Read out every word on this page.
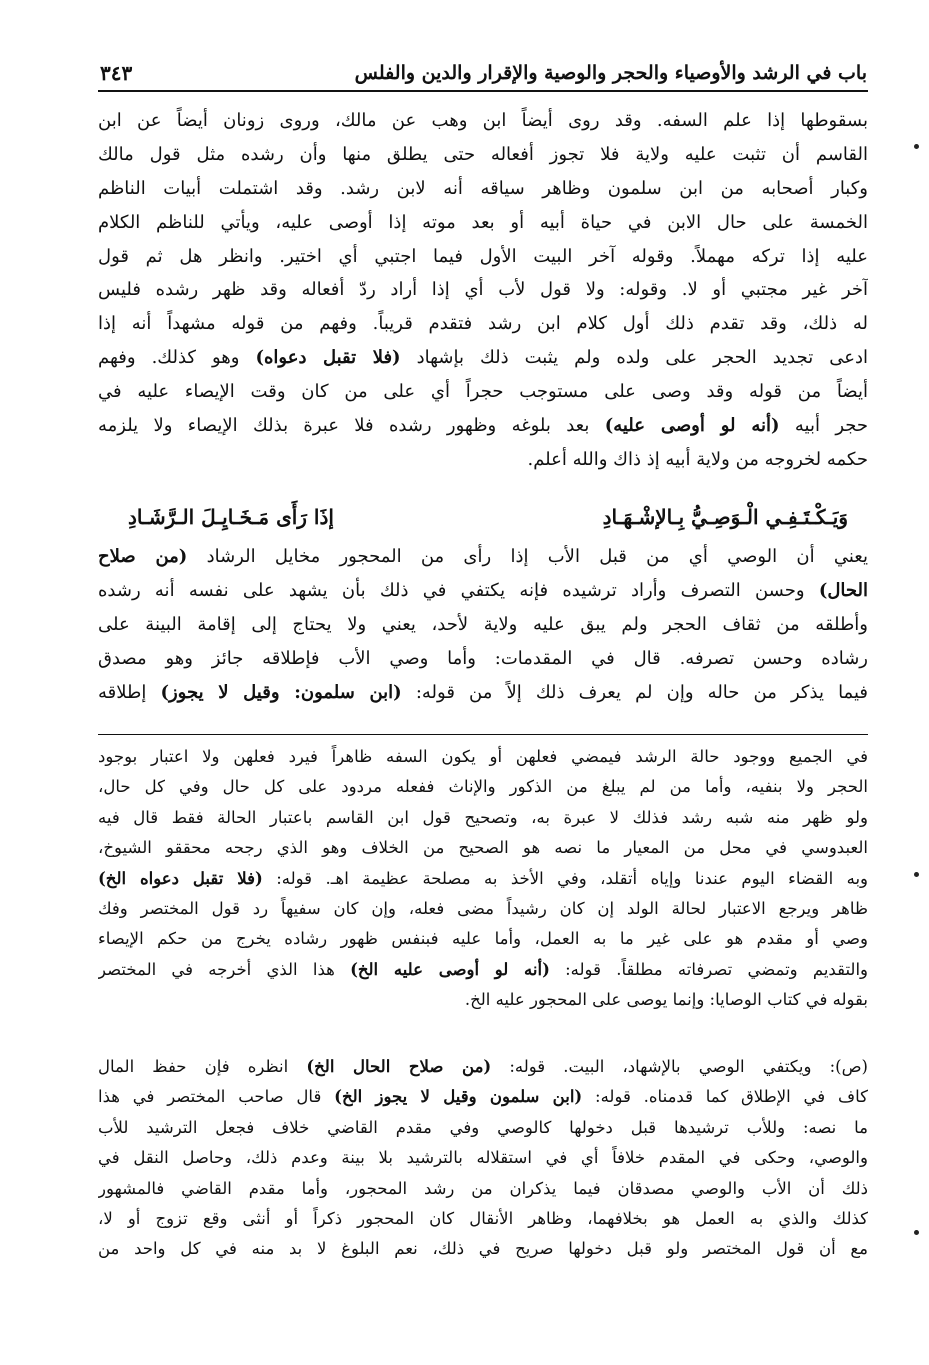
باب في الرشد والأوصياء والحجر والوصية والإقرار والدين والفلس
٣٤٣
بسقوطها إذا علم السفه. وقد روى أيضاً ابن وهب عن مالك، وروى زونان أيضاً عن ابن
القاسم أن تثبت عليه ولاية فلا تجوز أفعاله حتى يطلق منها وأن رشده مثل قول مالك
وكبار أصحابه من ابن سلمون وظاهر سياقه أنه لابن رشد. وقد اشتملت أبيات الناظم
الخمسة على حال الابن في حياة أبيه أو بعد موته إذا أوصى عليه، ويأتي للناظم الكلام
عليه إذا تركه مهملاً. وقوله آخر البيت الأول فيما اجتبي أي اختير. وانظر هل ثم قول
آخر غير مجتبي أو لا. وقوله: ولا قول لأب أي إذا أراد ردّ أفعاله وقد ظهر رشده فليس
له ذلك، وقد تقدم ذلك أول كلام ابن رشد فتقدم قريباً. وفهم من قوله مشهداً أنه إذا
ادعى تجديد الحجر على ولده ولم يثبت ذلك بإشهاد (فلا تقبل دعواه) وهو كذلك. وفهم
أيضاً من قوله وقد وصى على مستوجب حجراً أي على من كان وقت الإيصاء عليه في
حجر أبيه (أنه لو أوصى عليه) بعد بلوغه وظهور رشده فلا عبرة بذلك الإيصاء ولا يلزمه
حكمه لخروجه من ولاية أبيه إذ ذاك والله أعلم.
وَيَـكْـتَـفِـي الْـوَصِـيُّ بِـالإشْـهَـادِ
إذَا رَأَى مَـخَـايِـلَ الـرَّشَـادِ
يعني أن الوصي أي من قبل الأب إذا رأى من المحجور مخايل الرشاد (من صلاح
الحال) وحسن التصرف وأراد ترشيده فإنه يكتفي في ذلك بأن يشهد على نفسه أنه رشده
وأطلقه من ثقاف الحجر ولم يبق عليه ولاية لأحد، يعني ولا يحتاج إلى إقامة البينة على
رشاده وحسن تصرفه. قال في المقدمات: وأما وصي الأب فإطلاقه جائز وهو مصدق
فيما يذكر من حاله وإن لم يعرف ذلك إلاً من قوله: (ابن سلمون: وقيل لا يجوز) إطلاقه
في الجميع ووجود حالة الرشد فيمضي فعلهن أو يكون السفه ظاهراً فيرد فعلهن ولا اعتبار بوجود
الحجر ولا بنفيه، وأما من لم يبلغ من الذكور والإناث ففعله مردود على كل حال وفي كل حال،
ولو ظهر منه شبه رشد فذلك لا عبرة به، وتصحيح قول ابن القاسم باعتبار الحالة فقط قال فيه
العبدوسي في محل من المعيار ما نصه هو الصحيح من الخلاف وهو الذي رجحه محققو الشيوخ،
وبه القضاء اليوم عندنا وإياه أتقلد، وفي الأخذ به مصلحة عظيمة اهـ. قوله: (فلا تقبل دعواه الخ)
ظاهر ويرجع الاعتبار لحالة الولد إن كان رشيداً مضى فعله، وإن كان سفيهاً رد قول المختصر وفك
وصي أو مقدم هو على غير ما به العمل، وأما عليه فبنفس ظهور رشاده يخرج من حكم الإيصاء
والتقديم وتمضي تصرفاته مطلقاً. قوله: (أنه لو أوصى عليه الخ) هذا الذي أخرجه في المختصر
بقوله في كتاب الوصايا: وإنما يوصى على المحجور عليه الخ.
(ص): ويكتفي الوصي بالإشهاد، البيت. قوله: (من صلاح الحال الخ) انظره فإن حفظ المال
كاف في الإطلاق كما قدمناه. قوله: (ابن سلمون وقيل لا يجوز الخ) قال صاحب المختصر في هذا
ما نصه: وللأب ترشيدها قبل دخولها كالوصي وفي مقدم القاضي خلاف فجعل الترشيد للأب
والوصي، وحكى في المقدم خلافاً أي في استقلاله بالترشيد بلا بينة وعدم ذلك، وحاصل النقل في
ذلك أن الأب والوصي مصدقان فيما يذكران من رشد المحجور، وأما مقدم القاضي فالمشهور
كذلك والذي به العمل هو بخلافهما، وظاهر الأنقال كان المحجور ذكراً أو أنثى وقع تزوج أو لا،
مع أن قول المختصر ولو قبل دخولها صريح في ذلك، نعم البلوغ لا بد منه في كل واحد من
